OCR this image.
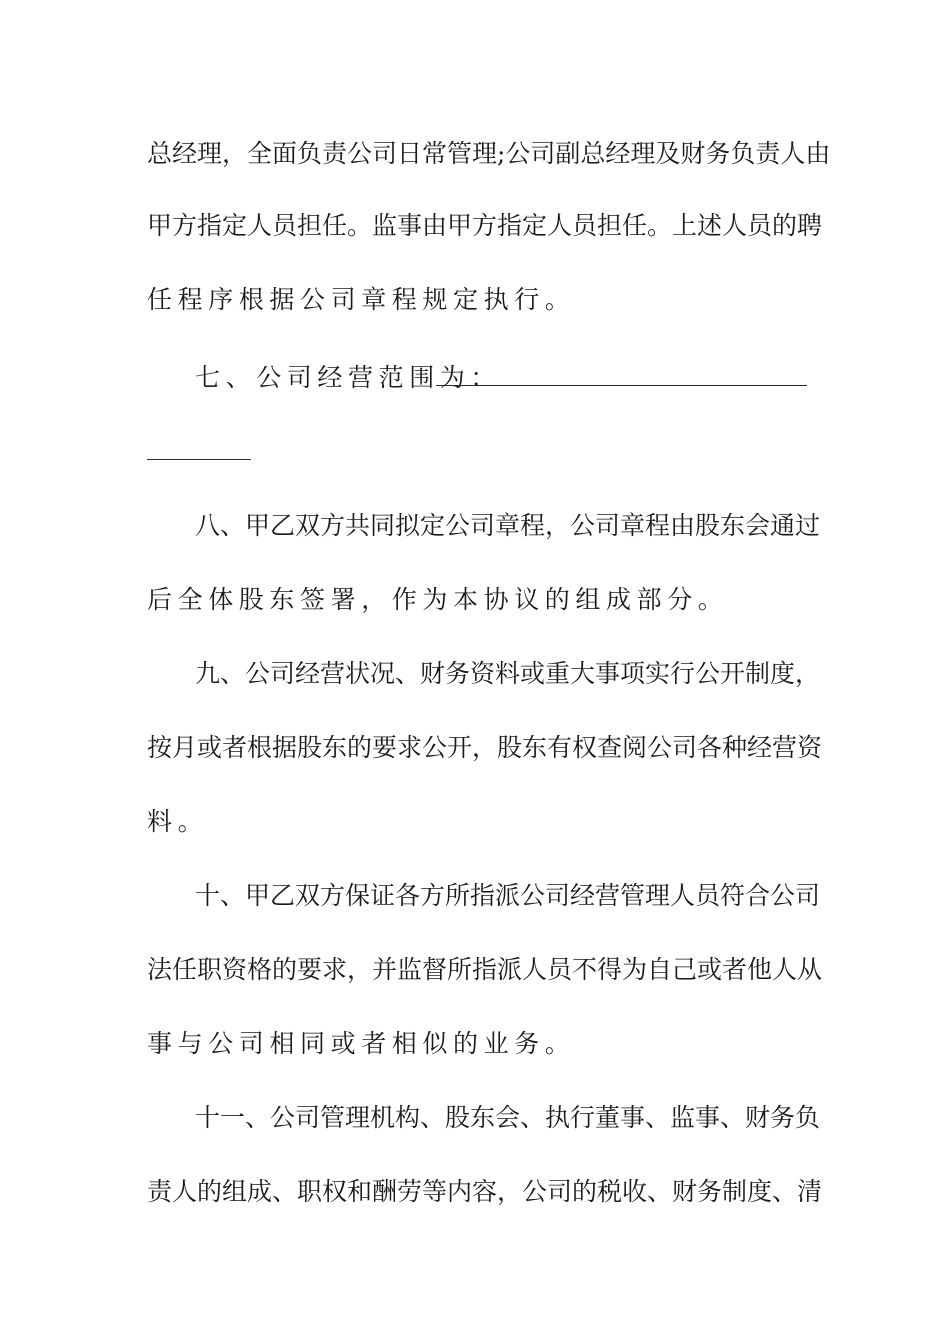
总经理，全面负责公司日常管理;公司副总经理及财务负责人由
甲方指定人员担任。监事由甲方指定人员担任。上述人员的聘
任程序根据公司章程规定执行。
七、公司经营范围为：
八、甲乙双方共同拟定公司章程，公司章程由股东会通过
后全体股东签署，作为本协议的组成部分。
九、公司经营状况、财务资料或重大事项实行公开制度，
按月或者根据股东的要求公开，股东有权查阅公司各种经营资
料。
十、甲乙双方保证各方所指派公司经营管理人员符合公司
法任职资格的要求，并监督所指派人员不得为自己或者他人从
事与公司相同或者相似的业务。
十一、公司管理机构、股东会、执行董事、监事、财务负
责人的组成、职权和酬劳等内容，公司的税收、财务制度、清
